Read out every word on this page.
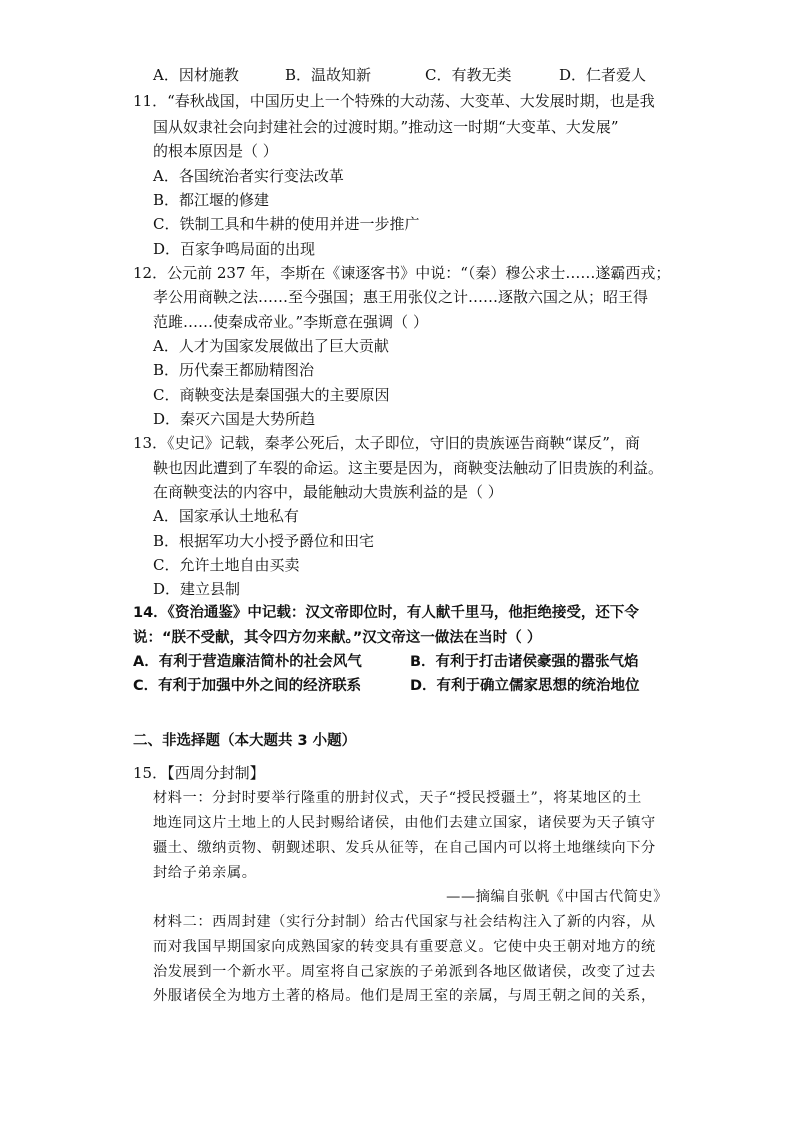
A．因材施教	B．温故知新	C．有教无类	D．仁者爱人
11．“春秋战国，中国历史上一个特殊的大动荡、大变革、大发展时期，也是我
国从奴隶社会向封建社会的过渡时期。”推动这一时期“大变革、大发展”
的根本原因是（ ）
A．各国统治者实行变法改革
B．都江堰的修建
C．铁制工具和牛耕的使用并进一步推广
D．百家争鸣局面的出现
12．公元前 237 年，李斯在《谏逐客书》中说：“（秦）穆公求士……遂霸西戎；
孝公用商鞅之法……至今强国；惠王用张仪之计……逐散六国之从；昭王得
范雎……使秦成帝业。”李斯意在强调（ ）
A．人才为国家发展做出了巨大贡献
B．历代秦王都励精图治
C．商鞅变法是秦国强大的主要原因
D．秦灭六国是大势所趋
13．《史记》记载，秦孝公死后，太子即位，守旧的贵族诬告商鞅“谋反”，商
鞅也因此遭到了车裂的命运。这主要是因为，商鞅变法触动了旧贵族的利益。
在商鞅变法的内容中，最能触动大贵族利益的是（ ）
A．国家承认土地私有
B．根据军功大小授予爵位和田宅
C．允许土地自由买卖
D．建立县制
14．《资治通鉴》中记载：汉文帝即位时，有人献千里马，他拒绝接受，还下令
说：“朕不受献，其令四方勿来献。”汉文帝这一做法在当时（ ）
A．有利于营造廉洁简朴的社会风气	B．有利于打击诸侯豪强的嚣张气焰
C．有利于加强中外之间的经济联系	D．有利于确立儒家思想的统治地位
二、非选择题（本大题共 3 小题）
15．【西周分封制】
材料一：分封时要举行隆重的册封仪式，天子“授民授疆土”，将某地区的土
地连同这片土地上的人民封赐给诸侯，由他们去建立国家，诸侯要为天子镇守
疆土、缴纳贡物、朝觐述职、发兵从征等，在自己国内可以将土地继续向下分
封给子弟亲属。
——摘编自张帆《中国古代简史》
材料二：西周封建（实行分封制）给古代国家与社会结构注入了新的内容，从
而对我国早期国家向成熟国家的转变具有重要意义。它使中央王朝对地方的统
治发展到一个新水平。周室将自己家族的子弟派到各地区做诸侯，改变了过去
外服诸侯全为地方土著的格局。他们是周王室的亲属，与周王朝之间的关系，
